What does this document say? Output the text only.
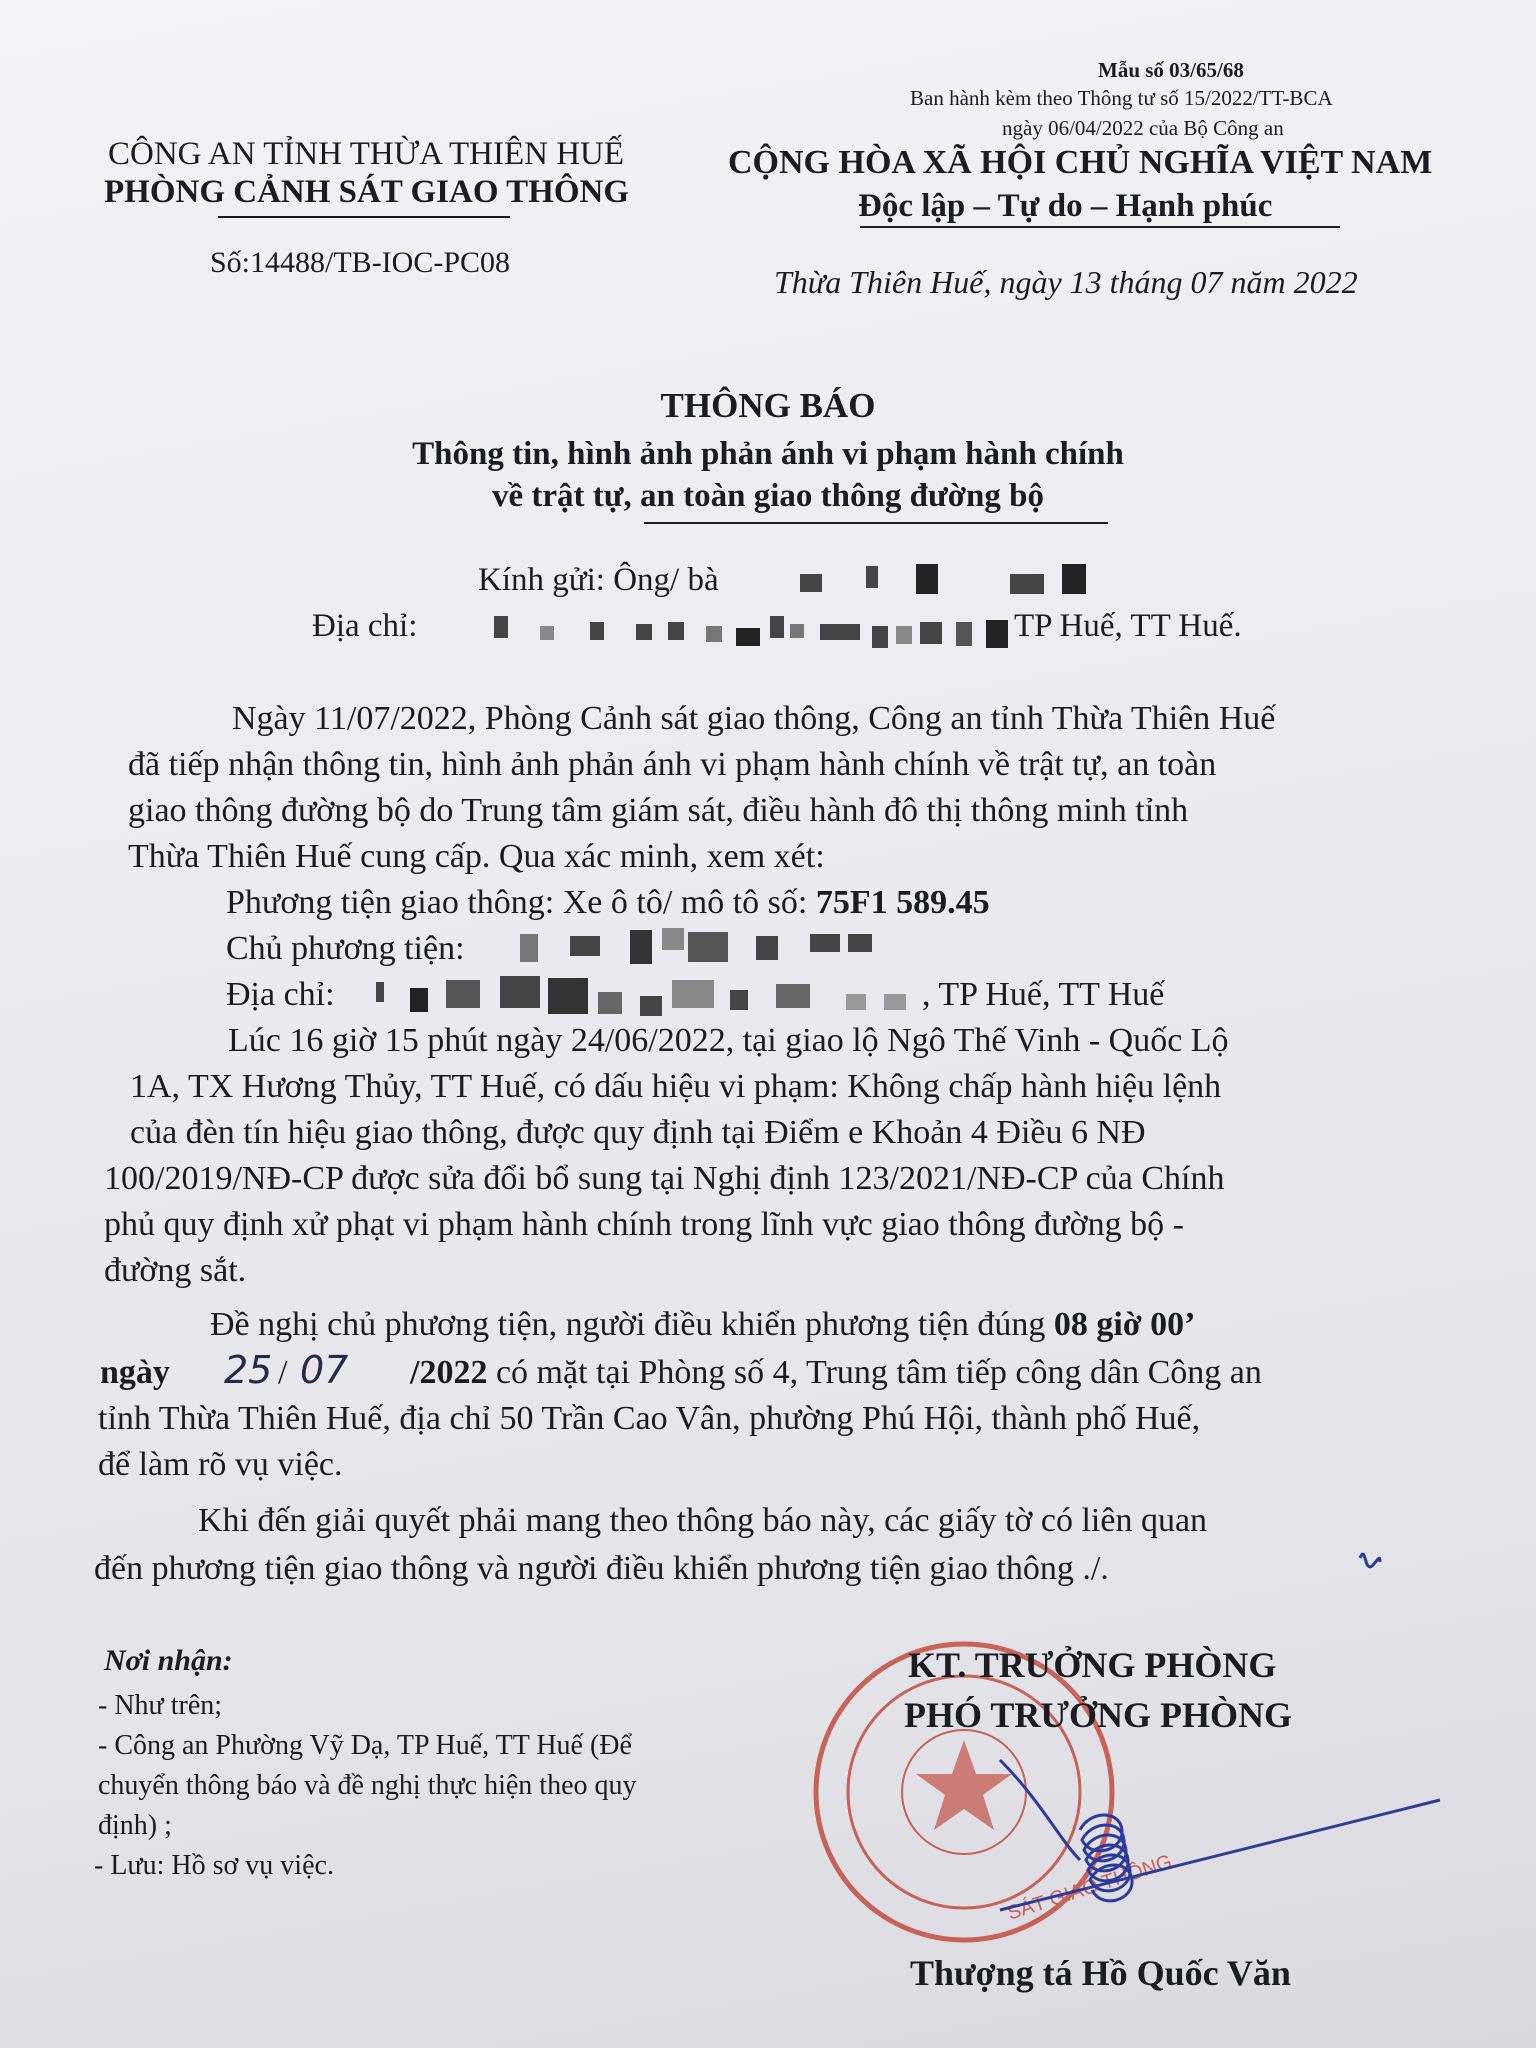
Mẫu số 03/65/68
Ban hành kèm theo Thông tư số 15/2022/TT-BCA
ngày 06/04/2022 của Bộ Công an
CÔNG AN TỈNH THỪA THIÊN HUẾ
PHÒNG CẢNH SÁT GIAO THÔNG
Số:14488/TB-IOC-PC08
CỘNG HÒA XÃ HỘI CHỦ NGHĨA VIỆT NAM
Độc lập – Tự do – Hạnh phúc
Thừa Thiên Huế, ngày 13 tháng 07 năm 2022
THÔNG BÁO
Thông tin, hình ảnh phản ánh vi phạm hành chính
về trật tự, an toàn giao thông đường bộ
Kính gửi: Ông/ bà
Địa chỉ:	TP Huế, TT Huế.
Ngày 11/07/2022, Phòng Cảnh sát giao thông, Công an tỉnh Thừa Thiên Huế
đã tiếp nhận thông tin, hình ảnh phản ánh vi phạm hành chính về trật tự, an toàn
giao thông đường bộ do Trung tâm giám sát, điều hành đô thị thông minh tỉnh
Thừa Thiên Huế cung cấp. Qua xác minh, xem xét:
Phương tiện giao thông: Xe ô tô/ mô tô số: 75F1 589.45
Chủ phương tiện:
Địa chỉ:	, TP Huế, TT Huế
Lúc 16 giờ 15 phút ngày 24/06/2022, tại giao lộ Ngô Thế Vinh - Quốc Lộ
1A, TX Hương Thủy, TT Huế, có dấu hiệu vi phạm: Không chấp hành hiệu lệnh
của đèn tín hiệu giao thông, được quy định tại Điểm e Khoản 4 Điều 6 NĐ
100/2019/NĐ-CP được sửa đổi bổ sung tại Nghị định 123/2021/NĐ-CP của Chính
phủ quy định xử phạt vi phạm hành chính trong lĩnh vực giao thông đường bộ -
đường sắt.
Đề nghị chủ phương tiện, người điều khiển phương tiện đúng 08 giờ 00’
ngày 25 / 07 /2022 có mặt tại Phòng số 4, Trung tâm tiếp công dân Công an
tỉnh Thừa Thiên Huế, địa chỉ 50 Trần Cao Vân, phường Phú Hội, thành phố Huế,
để làm rõ vụ việc.
Khi đến giải quyết phải mang theo thông báo này, các giấy tờ có liên quan
đến phương tiện giao thông và người điều khiển phương tiện giao thông ./.
Nơi nhận:
- Như trên;
- Công an Phường Vỹ Dạ, TP Huế, TT Huế (Để
chuyển thông báo và đề nghị thực hiện theo quy
định) ;
- Lưu: Hồ sơ vụ việc.	SÁT GIAO THÔNG
KT. TRƯỞNG PHÒNG
PHÓ TRƯỞNG PHÒNG
Thượng tá Hồ Quốc Văn
